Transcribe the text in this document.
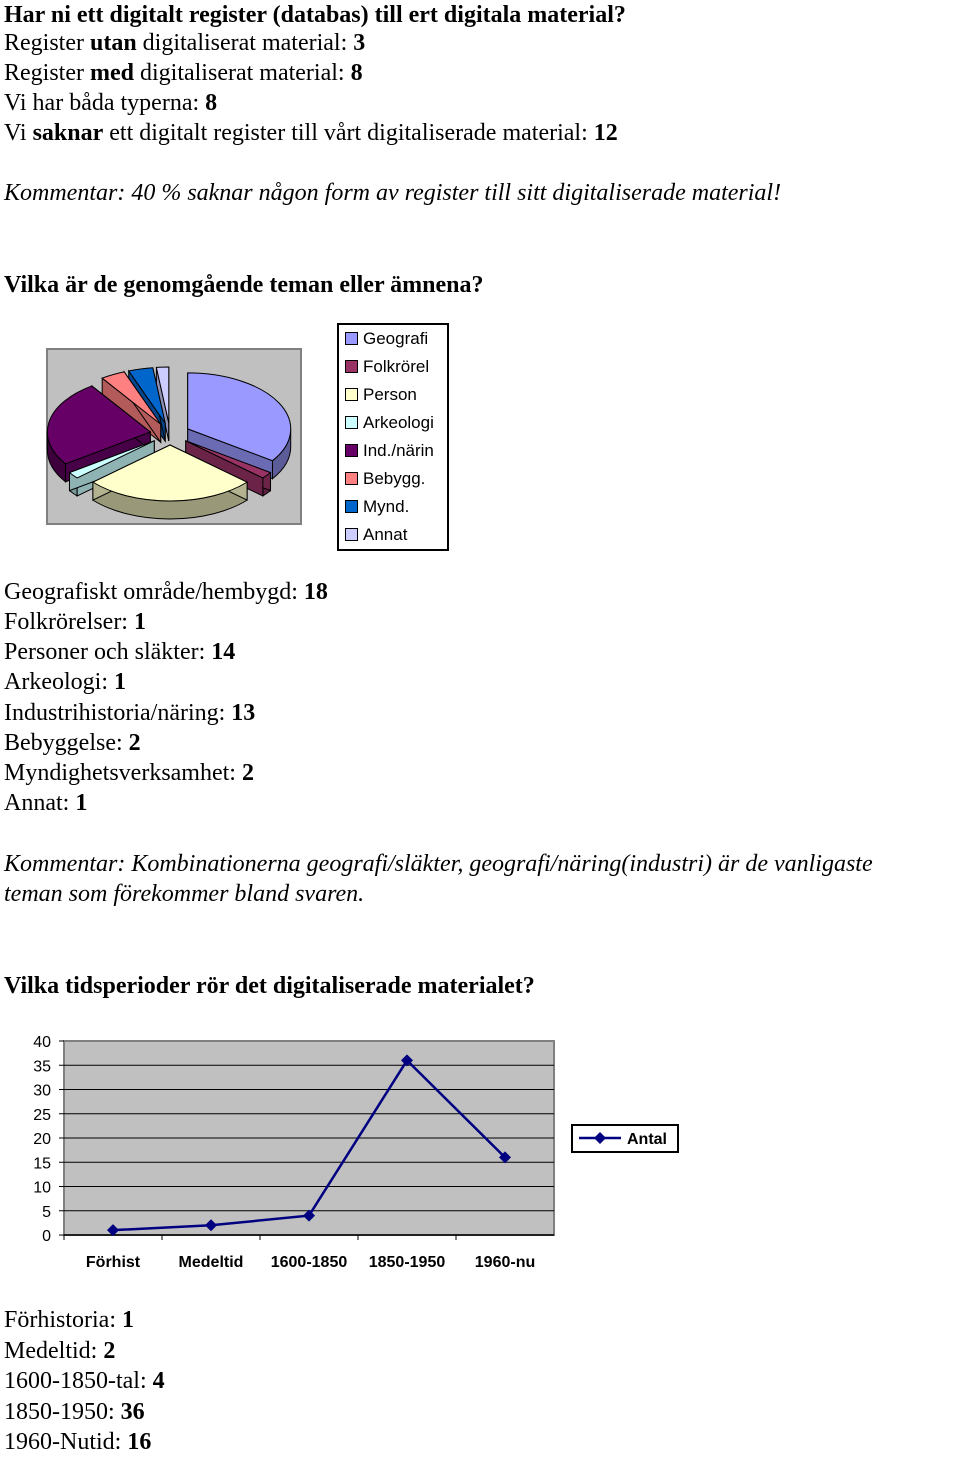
Har ni ett digitalt register (databas) till ert digitala material?
Register utan digitaliserat material: 3
Register med digitaliserat material: 8
Vi har båda typerna: 8
Vi saknar ett digitalt register till vårt digitaliserade material: 12
Kommentar: 40 % saknar någon form av register till sitt digitaliserade material!
Vilka är de genomgående teman eller ämnena?
Geografi
Folkrörel
Person
Arkeologi
Ind./närin
Bebygg.
Mynd.
Annat
Geografiskt område/hembygd: 18
Folkrörelser: 1
Personer och släkter: 14
Arkeologi: 1
Industrihistoria/näring: 13
Bebyggelse: 2
Myndighetsverksamhet: 2
Annat: 1
Kommentar: Kombinationerna geografi/släkter, geografi/näring(industri) är de vanligaste
teman som förekommer bland svaren.
Vilka tidsperioder rör det digitaliserade materialet?
40
35
30
25
20
15
10
5
0
Förhist Medeltid 1600-1850 1850-1950 1960-nu
Antal
Förhistoria: 1
Medeltid: 2
1600-1850-tal: 4
1850-1950: 36
1960-Nutid: 16
